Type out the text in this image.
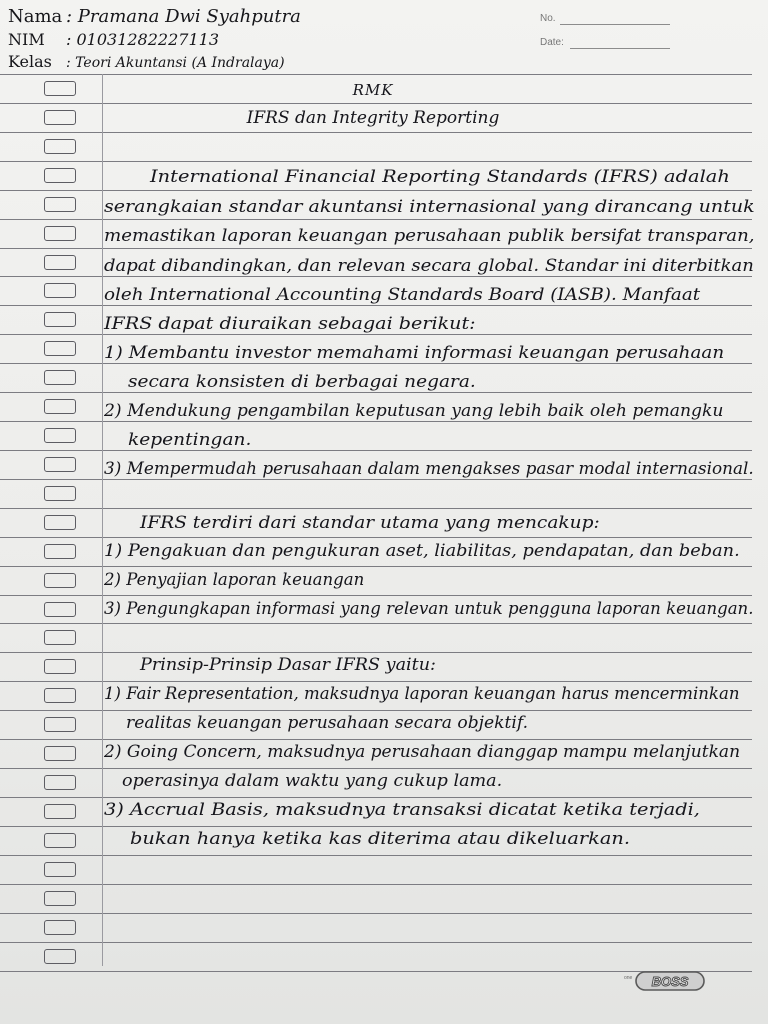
Nama : Pramana Dwi Syahputra
NIM : 01031282227113
Kelas : Teori Akuntansi (A Indralaya)
No.
Date:
RMK
IFRS dan Integrity Reporting
International Financial Reporting Standards (IFRS) adalah
serangkaian standar akuntansi internasional yang dirancang untuk
memastikan laporan keuangan perusahaan publik bersifat transparan,
dapat dibandingkan, dan relevan secara global. Standar ini diterbitkan
oleh International Accounting Standards Board (IASB). Manfaat
IFRS dapat diuraikan sebagai berikut:
1) Membantu investor memahami informasi keuangan perusahaan
secara konsisten di berbagai negara.
2) Mendukung pengambilan keputusan yang lebih baik oleh pemangku
kepentingan.
3) Mempermudah perusahaan dalam mengakses pasar modal internasional.
IFRS terdiri dari standar utama yang mencakup:
1) Pengakuan dan pengukuran aset, liabilitas, pendapatan, dan beban.
2) Penyajian laporan keuangan
3) Pengungkapan informasi yang relevan untuk pengguna laporan keuangan.
Prinsip-Prinsip Dasar IFRS yaitu:
1) Fair Representation, maksudnya laporan keuangan harus mencerminkan
realitas keuangan perusahaan secara objektif.
2) Going Concern, maksudnya perusahaan dianggap mampu melanjutkan
operasinya dalam waktu yang cukup lama.
3) Accrual Basis, maksudnya transaksi dicatat ketika terjadi,
bukan hanya ketika kas diterima atau dikeluarkan.
one BOSS
